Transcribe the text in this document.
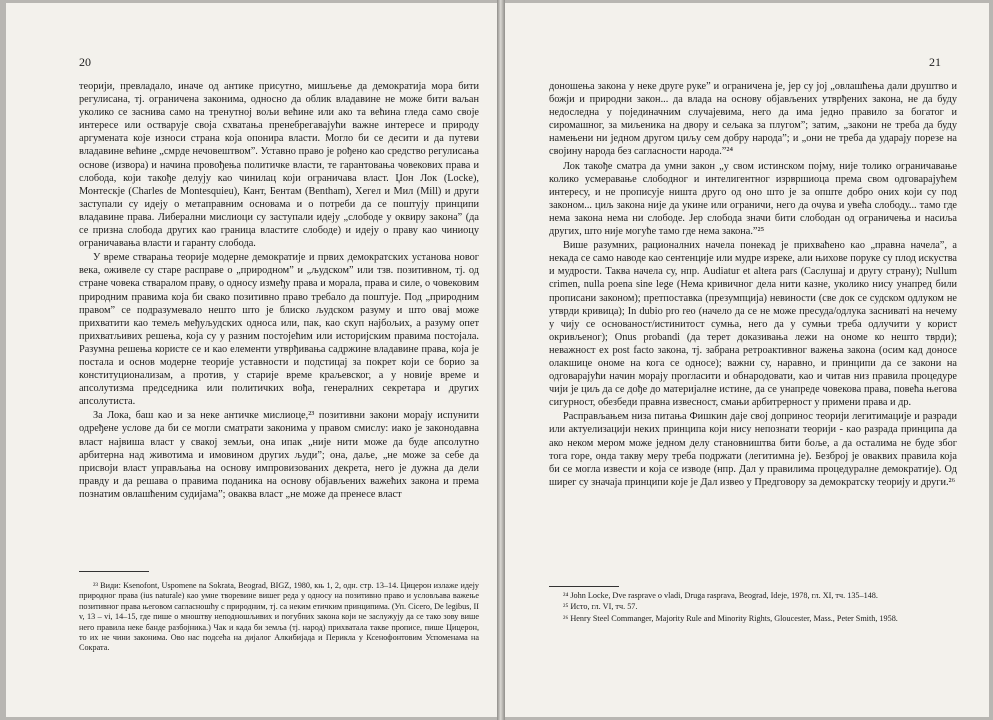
20

теорији, превладало, иначе од антике присутно, мишљење да демократија мора бити регулисана, тј. ограничена законима, односно да облик владавине не може бити ваљан уколико се заснива само на тренутној вољи већине или ако та већина гледа само своје интересе или остварује своја схватања пренебрегавајући важне интересе и природу аргумената које износи страна која опонира власти. Могло би се десити и да путеви владавине већине „смрде нечовештвом”. Уставно право је рођено као средство регулисања основе (извора) и начина провођења политичке власти, те гарантовања човекових права и слобода, који такође делују као чинилац који ограничава власт. Џон Лок (Locke), Монтескје (Charles de Montesquieu), Кант, Бентам (Bentham), Хегел и Мил (Mill) и други заступали су идеју о метаправним основама и о потреби да се поштују принципи владавине права. Либерални мислиоци су заступали идеју „слободе у оквиру закона” (да се призна слобода других као граница властите слободе) и идеју о праву као чиниоцу ограничавања власти и гаранту слобода.

У време стварања теорије модерне демократије и првих демократских установа новог века, оживеле су старе расправе о „природном” и „људском” или тзв. позитивном, тј. од стране човека стваралом праву, о односу између права и морала, права и силе, о човековим природним правима која би свако позитивно право требало да поштује. Под „природним правом” се подразумевало нешто што је блиско људском разуму и што оваj може прихватити као темељ међуљудских односа или, пак, као скуп најбољих, а разуму опет прихватљивих решења, која су у разним постојећим или историјским правима постојала. Разумна решења користе се и као елементи утврђивања садржине владавине права, која је постала и основ модерне теорије уставности и подстицај за покрет који се борио за конституционализам, а против, у старије време краљевског, а у новије време и апсолутизма председника или политичких вођа, генералних секретара и других апсолутиста.

За Лока, баш као и за неке античке мислиоце,²³ позитивни закони морају испунити одређене услове да би се могли сматрати законима у правом смислу: иако је законодавна власт највиша власт у свакој земљи, она ипак „није нити може да буде апсолутно арбитерна над животима и имовином других људи”; она, даље, „не може за себе да присвоји власт управљања на основу импровизованих декрета, него је дужна да дели правду и да решава о правима поданика на основу објављених важећих закона и према познатим овлашћеним судијама”; оваква власт „не може да пренесе власт

²³ Види: Ksenofont, Uspomene na Sokrata, Beograd, BIGZ, 1980, књ 1, 2, одн. стр. 13–14. Цицерон излаже идеју природног права (ius naturale) као умне творевине вишег реда у односу на позитивно право и условљава важење позитивног права његовом сагласношћу с природним, тј. са неким етичким принципима. (Уп. Cicero, De legibus, II v, 13 – vi, 14–15, где пише о мноштву неподношљивих и погубних закона који не заслужују да се тако зову више него правила неке банде разбојника.) Чак и када би земља (тј. народ) прихватала такве прописе, пише Цицерон, то их не чини законима. Ово нас подсећа на дијалог Алкибијада и Перикла у Ксенофонтовим Успоменама на Сократа.

21

доношења закона у неке друге руке” и ограничена је, јер су јој „овлашћења дали друштво и божји и природни закон... да влада на основу објављених утврђених закона, не да буду недоследна у појединачним случајевима, него да има једно правило за богатог и сиромашног, за миљеника на двору и сељака за плугом”; затим, „закони не треба да буду намењени ни једном другом циљу сем добру народа”; и „они не треба да ударају порезе на својину народа без сагласности народа.”²⁴

Лок такође сматра да умни закон „у свом истинском појму, није толико ограничавање колико усмеравање слободног и интелигентног изрвршиоца према свом одговарајућем интересу, и не прописује ништа друго од оно што је за опште добро оних који су под законом... циљ закона није да укине или ограничи, него да очува и увећа слободу... тамо где нема закона нема ни слободе. Јер слобода значи бити слободан од ограничења и насиља других, што није могуће тамо где нема закона.”²⁵

Више разумних, рационалних начела понекад је прихваћено као „правна начела”, а некада се само наводе као сентенције или мудре изреке, али њихове поруке су плод искуства и мудрости. Таква начела су, нпр. Audiatur et altera pars (Саслушај и другу страну); Nullum crimen, nulla poena sine lege (Нема кривичног дела нити казне, уколико нису унапред били прописани законом); претпоставка (презумпција) невиности (све док се судском одлуком не утврди кривица); In dubio pro reo (начело да се не може пресуда/одлука засниватi на нечему у чију се основаност/истинитост сумња, него да у сумњи треба одлучити у корист окривљеног); Onus probandi (да терет доказивања лежи на ономе ко нешто тврди); неважност ex post facto закона, тј. забрана ретроактивног важења закона (осим кад доносе олакшице ономе на кога се односе); важни су, наравно, и принципи да се закони на одговарајући начин морају прогласити и обнародовати, као и читав низ правила процедуре чији је циљ да се дође до материјалне истине, да се унапреде човекова права, повећа његова сигурност, обезбеди правна извесност, смањи арбитрерност у примени права и др.

Расправљањем низа питања Фишкин даје свој допринос теорији легитимације и разради или актуелизацији неких принципа који нису непознати теорији - као разрада принципа да ако неком мером може једном делу становништва бити боље, а да осталима не буде због тога горе, онда такву меру треба подржати (легитимна је). Безброј је оваквих правила која би се могла извести и која се изводе (нпр. Дал у правилима процедуралне демократије). Од ширег су значаја принципи које је Дал извео у Предговору за демократску теорију и други.²⁶

²⁴ John Locke, Dve rasprave o vladi, Druga rasprava, Beograd, Ideje, 1978, гл. XI, тч. 135–148.

²⁵ Исто, гл. VI, тч. 57.

²⁶ Henry Steel Commanger, Majority Rule and Minority Rights, Gloucester, Mass., Peter Smith, 1958.
